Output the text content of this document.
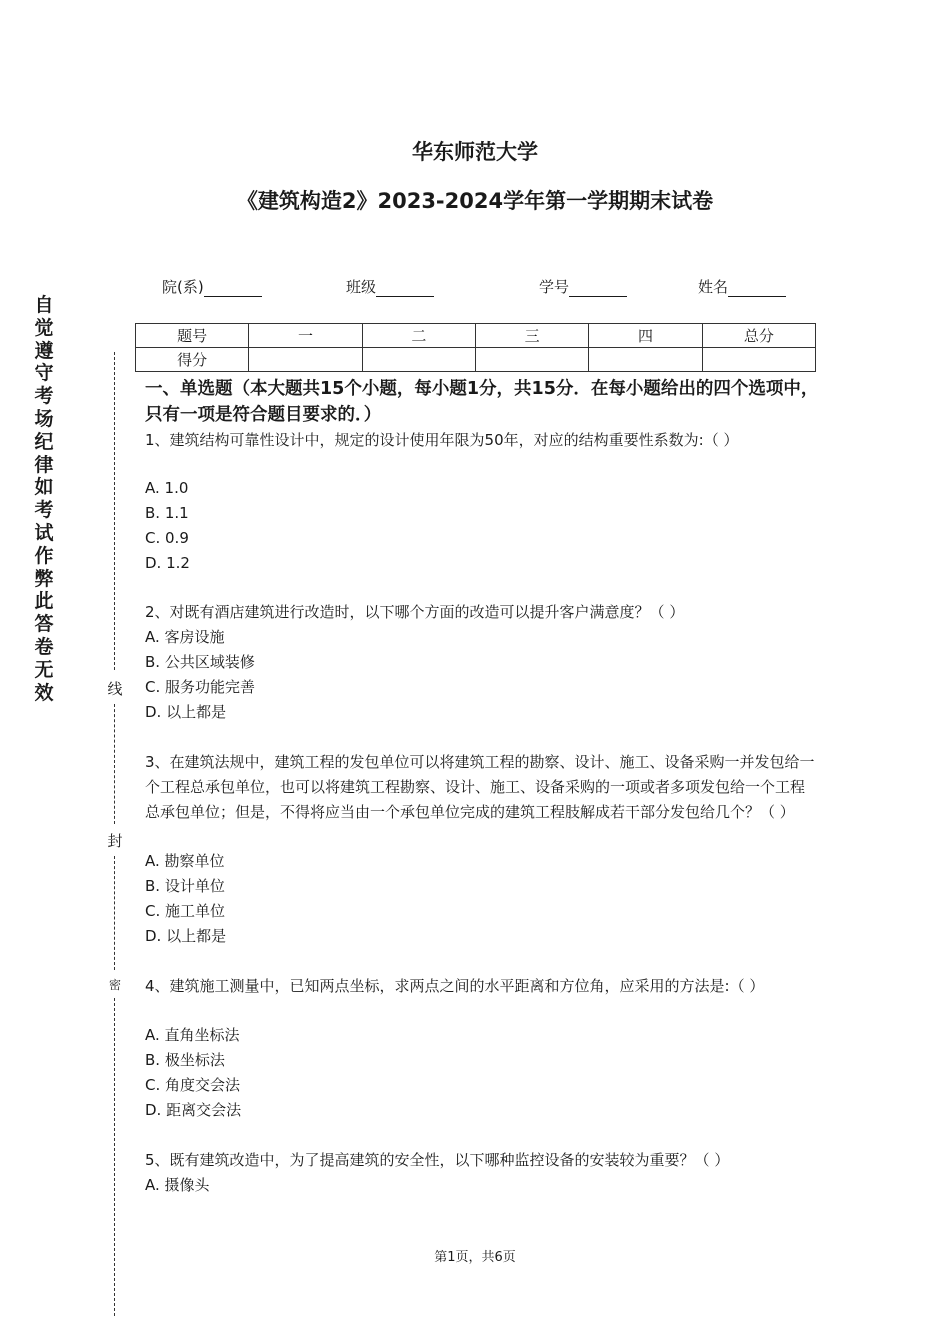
华东师范大学
《建筑构造2》2023-2024学年第一学期期末试卷
院(系)	班级	学号	姓名
自觉遵守考场纪律如考试作弊此答卷无效	线
封
密
题号	一	二	三	四	总分
得分					
一、单选题（本大题共15个小题，每小题1分，共15分．在每小题给出的四个选项中，只有一项是符合题目要求的．）
1、建筑结构可靠性设计中，规定的设计使用年限为50年，对应的结构重要性系数为:（ ）
A. 1.0
B. 1.1
C. 0.9
D. 1.2
2、对既有酒店建筑进行改造时，以下哪个方面的改造可以提升客户满意度？（ ）
A. 客房设施
B. 公共区域装修
C. 服务功能完善
D. 以上都是
3、在建筑法规中，建筑工程的发包单位可以将建筑工程的勘察、设计、施工、设备采购一并发包给一个工程总承包单位，也可以将建筑工程勘察、设计、施工、设备采购的一项或者多项发包给一个工程总承包单位；但是，不得将应当由一个承包单位完成的建筑工程肢解成若干部分发包给几个？（ ）
A. 勘察单位
B. 设计单位
C. 施工单位
D. 以上都是
4、建筑施工测量中，已知两点坐标，求两点之间的水平距离和方位角，应采用的方法是:（ ）
A. 直角坐标法
B. 极坐标法
C. 角度交会法
D. 距离交会法
5、既有建筑改造中，为了提高建筑的安全性，以下哪种监控设备的安装较为重要？（ ）
A. 摄像头
第1页，共6页
